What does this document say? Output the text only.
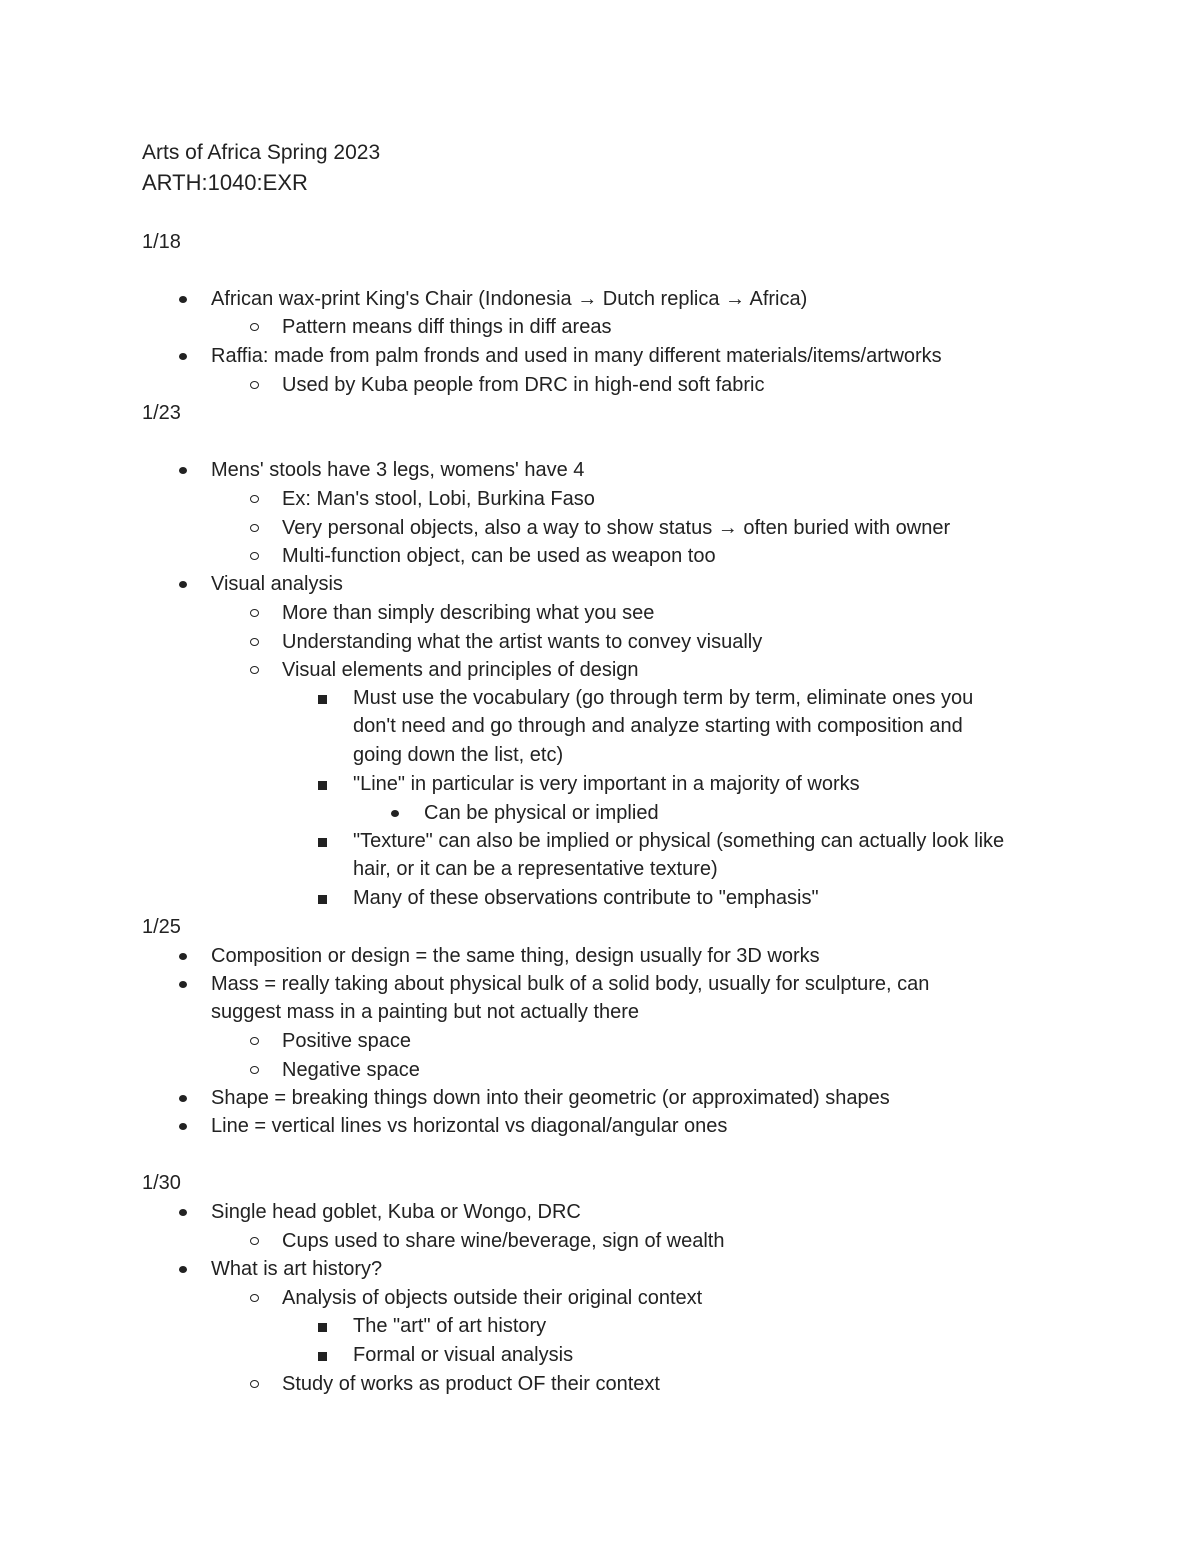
Arts of Africa Spring 2023
ARTH:1040:EXR
1/18
African wax-print King's Chair (Indonesia → Dutch replica → Africa)
Pattern means diff things in diff areas
Raffia: made from palm fronds and used in many different materials/items/artworks
Used by Kuba people from DRC in high-end soft fabric
1/23
Mens' stools have 3 legs, womens' have 4
Ex: Man's stool, Lobi, Burkina Faso
Very personal objects, also a way to show status → often buried with owner
Multi-function object, can be used as weapon too
Visual analysis
More than simply describing what you see
Understanding what the artist wants to convey visually
Visual elements and principles of design
Must use the vocabulary (go through term by term, eliminate ones you
don't need and go through and analyze starting with composition and
going down the list, etc)
"Line" in particular is very important in a majority of works
Can be physical or implied
"Texture" can also be implied or physical (something can actually look like
hair, or it can be a representative texture)
Many of these observations contribute to "emphasis"
1/25
Composition or design = the same thing, design usually for 3D works
Mass = really taking about physical bulk of a solid body, usually for sculpture, can
suggest mass in a painting but not actually there
Positive space
Negative space
Shape = breaking things down into their geometric (or approximated) shapes
Line = vertical lines vs horizontal vs diagonal/angular ones
1/30
Single head goblet, Kuba or Wongo, DRC
Cups used to share wine/beverage, sign of wealth
What is art history?
Analysis of objects outside their original context
The "art" of art history
Formal or visual analysis
Study of works as product OF their context
